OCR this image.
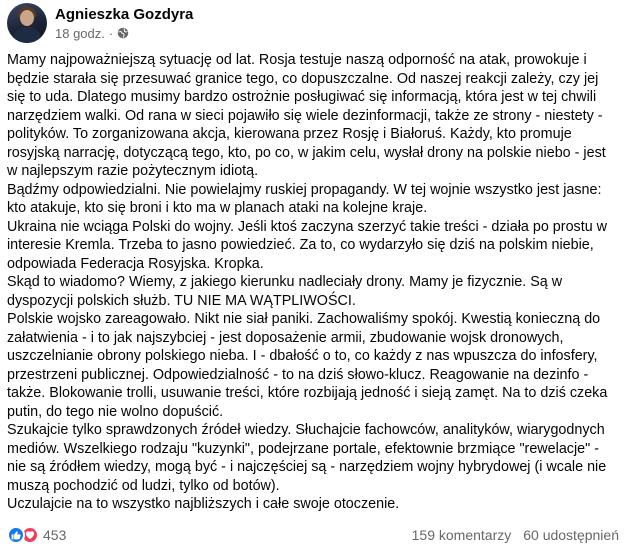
Agnieszka Gozdyra
18 godz. ·

Mamy najpoważniejszą sytuację od lat. Rosja testuje naszą odporność na atak, prowokuje i będzie starała się przesuwać granice tego, co dopuszczalne. Od naszej reakcji zależy, czy jej się to uda. Dlatego musimy bardzo ostrożnie posługiwać się informacją, która jest w tej chwili narzędziem walki. Od rana w sieci pojawiło się wiele dezinformacji, także ze strony - niestety - polityków. To zorganizowana akcja, kierowana przez Rosję i Białoruś. Każdy, kto promuje rosyjską narrację, dotyczącą tego, kto, po co, w jakim celu, wysłał drony na polskie niebo - jest w najlepszym razie pożytecznym idiotą.

Bądźmy odpowiedzialni. Nie powielajmy ruskiej propagandy. W tej wojnie wszystko jest jasne: kto atakuje, kto się broni i kto ma w planach ataki na kolejne kraje.

Ukraina nie wciąga Polski do wojny. Jeśli ktoś zaczyna szerzyć takie treści - działa po prostu w interesie Kremla. Trzeba to jasno powiedzieć. Za to, co wydarzyło się dziś na polskim niebie, odpowiada Federacja Rosyjska. Kropka.

Skąd to wiadomo? Wiemy, z jakiego kierunku nadleciały drony. Mamy je fizycznie. Są w dyspozycji polskich służb. TU NIE MA WĄTPLIWOŚCI.

Polskie wojsko zareagowało. Nikt nie siał paniki. Zachowaliśmy spokój. Kwestią konieczną do załatwienia - i to jak najszybciej - jest doposażenie armii, zbudowanie wojsk dronowych, uszczelnianie obrony polskiego nieba. I - dbałość o to, co każdy z nas wpuszcza do infosfery, przestrzeni publicznej. Odpowiedzialność - to na dziś słowo-klucz. Reagowanie na dezinfo - także. Blokowanie trolli, usuwanie treści, które rozbijają jedność i sieją zamęt. Na to dziś czeka putin, do tego nie wolno dopuścić.

Szukajcie tylko sprawdzonych źródeł wiedzy. Słuchajcie fachowców, analityków, wiarygodnych mediów. Wszelkiego rodzaju "kuzynki", podejrzane portale, efektownie brzmiące "rewelacje" - nie są źródłem wiedzy, mogą być - i najczęściej są - narzędziem wojny hybrydowej (i wcale nie muszą pochodzić od ludzi, tylko od botów).

Uczulajcie na to wszystko najbliższych i całe swoje otoczenie.

453	159 komentarzy 60 udostępnień
